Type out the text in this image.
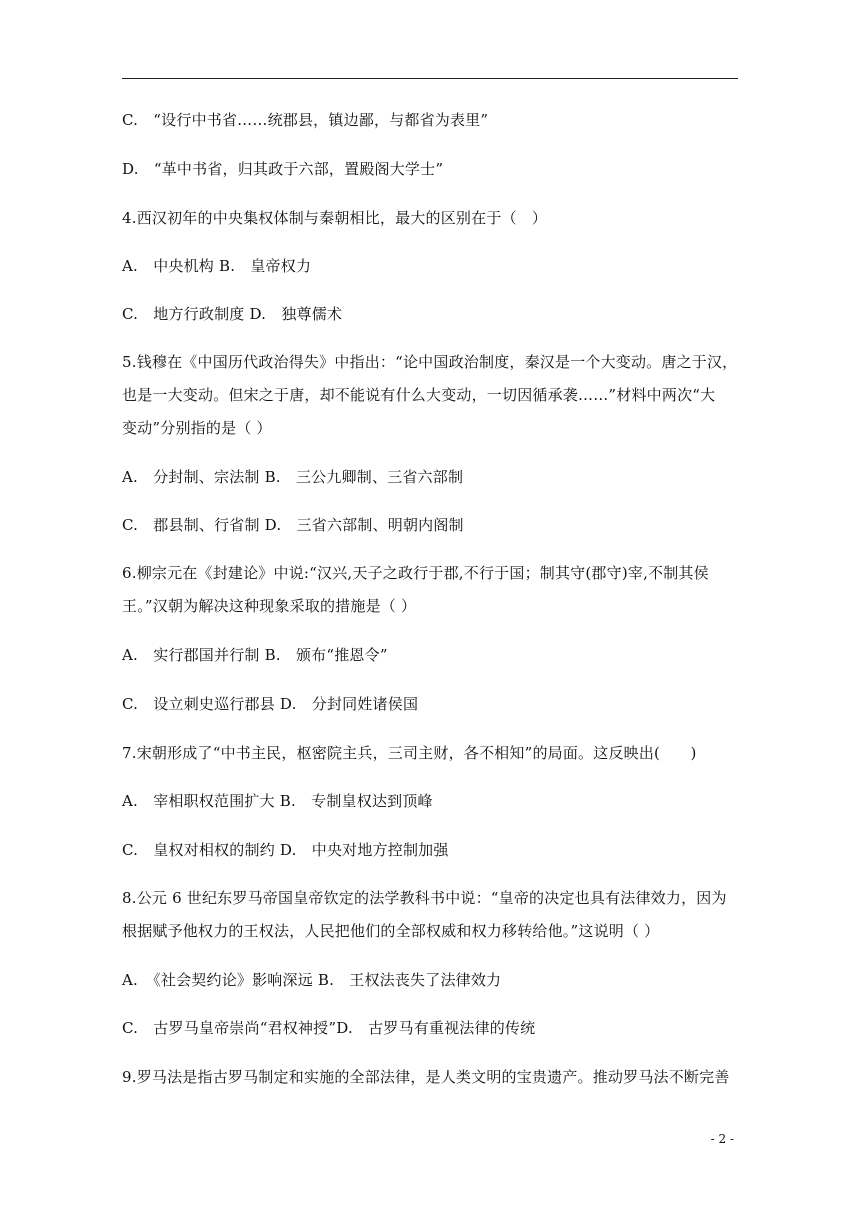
C.　“设行中书省……统郡县，镇边鄙，与都省为表里”
D.　“革中书省，归其政于六部，置殿阁大学士”
4.西汉初年的中央集权体制与秦朝相比，最大的区别在于（　）
A.　中央机构 B.　皇帝权力
C.　地方行政制度 D.　独尊儒术
5.钱穆在《中国历代政治得失》中指出：“论中国政治制度，秦汉是一个大变动。唐之于汉，
也是一大变动。但宋之于唐，却不能说有什么大变动，一切因循承袭……”材料中两次“大
变动”分别指的是（ ）
A.　分封制、宗法制 B.　三公九卿制、三省六部制
C.　郡县制、行省制 D.　三省六部制、明朝内阁制
6.柳宗元在《封建论》中说:“汉兴,天子之政行于郡,不行于国；制其守(郡守)宰,不制其侯
王。”汉朝为解决这种现象采取的措施是（ ）
A.　实行郡国并行制 B.　颁布“推恩令”
C.　设立刺史巡行郡县 D.　分封同姓诸侯国
7.宋朝形成了“中书主民，枢密院主兵，三司主财，各不相知”的局面。这反映出(　　)
A.　宰相职权范围扩大 B.　专制皇权达到顶峰
C.　皇权对相权的制约 D.　中央对地方控制加强
8.公元 6 世纪东罗马帝国皇帝钦定的法学教科书中说：“皇帝的决定也具有法律效力，因为
根据赋予他权力的王权法，人民把他们的全部权威和权力移转给他。”这说明（ ）
A.　《社会契约论》影响深远 B.　王权法丧失了法律效力
C.　古罗马皇帝崇尚“君权神授”D.　古罗马有重视法律的传统
9.罗马法是指古罗马制定和实施的全部法律，是人类文明的宝贵遗产。推动罗马法不断完善
- 2 -
